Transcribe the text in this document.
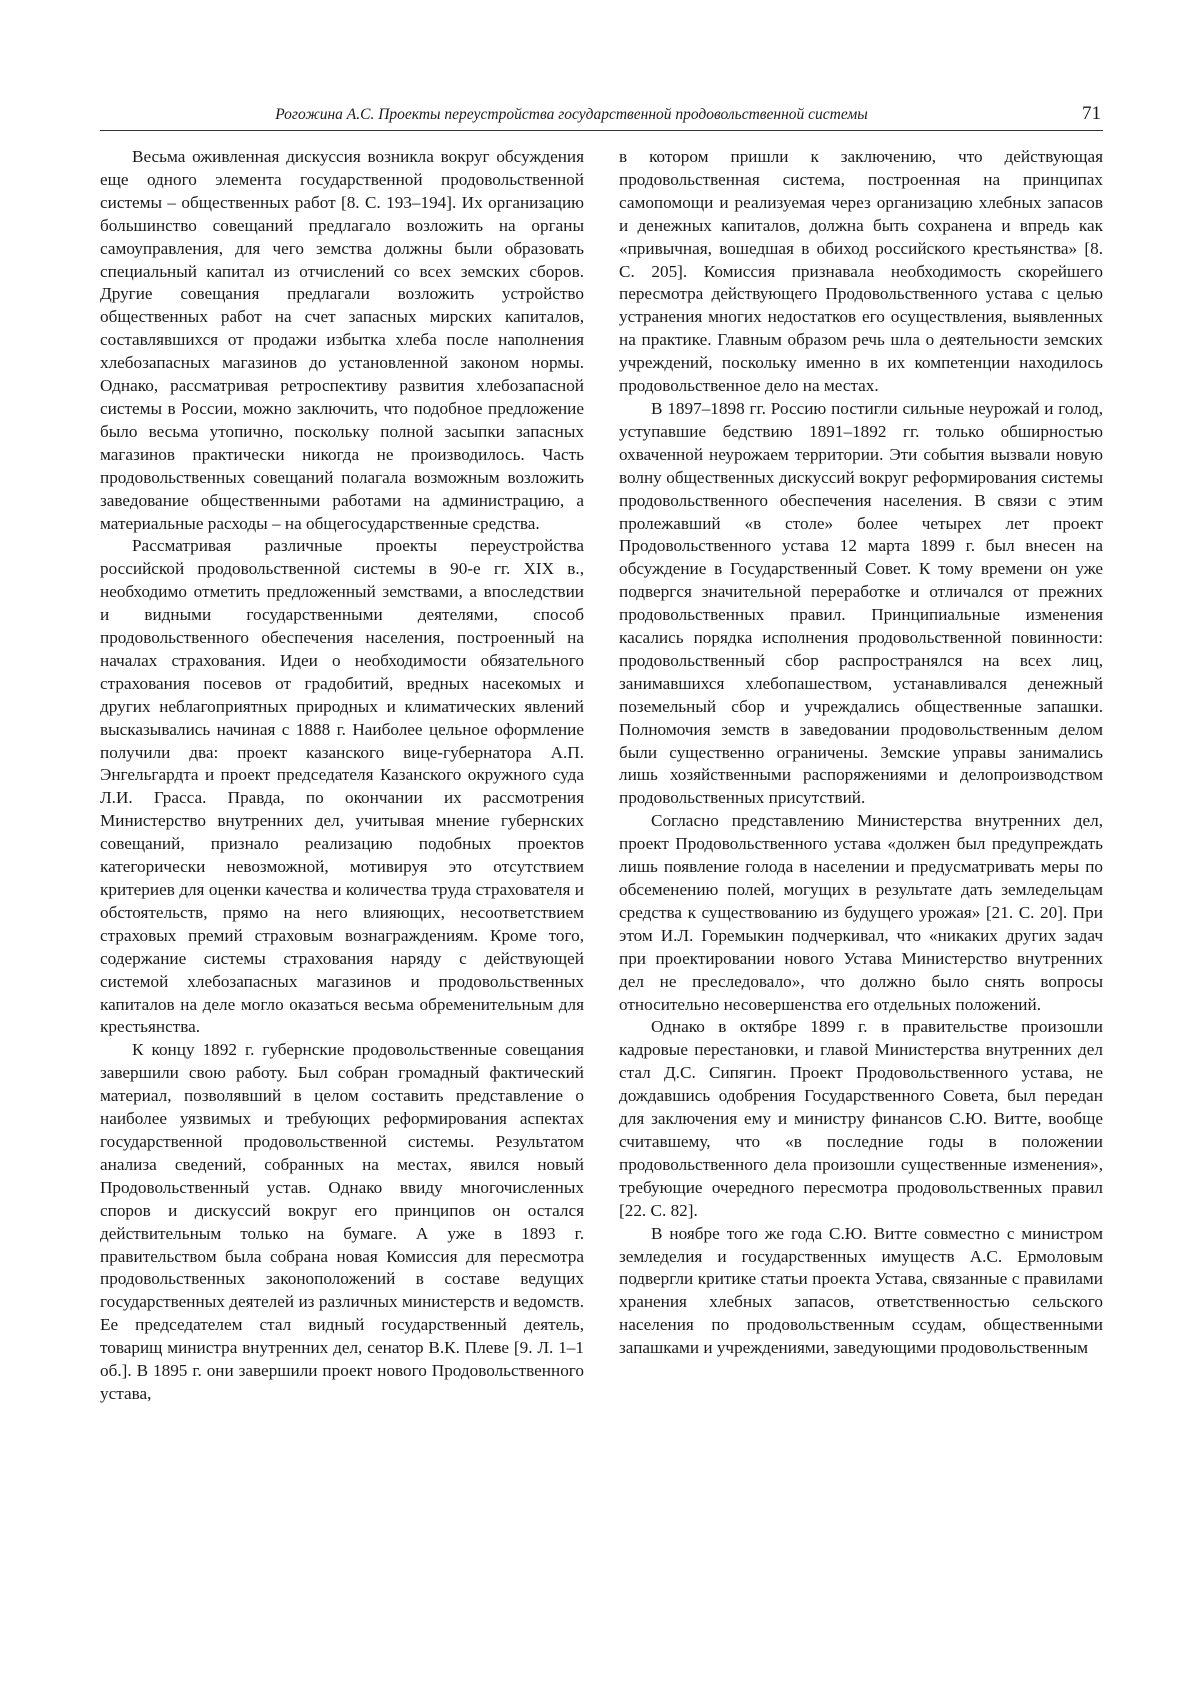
Рогожина А.С. Проекты переустройства государственной продовольственной системы	71

Весьма оживленная дискуссия возникла вокруг обсуждения еще одного элемента государственной продовольственной системы – общественных работ [8. С. 193–194]. Их организацию большинство совещаний предлагало возложить на органы самоуправления, для чего земства должны были образовать специальный капитал из отчислений со всех земских сборов. Другие совещания предлагали возложить устройство общественных работ на счет запасных мирских капиталов, составлявшихся от продажи избытка хлеба после наполнения хлебозапасных магазинов до установленной законом нормы. Однако, рассматривая ретроспективу развития хлебозапасной системы в России, можно заключить, что подобное предложение было весьма утопично, поскольку полной засыпки запасных магазинов практически никогда не производилось. Часть продовольственных совещаний полагала возможным возложить заведование общественными работами на администрацию, а материальные расходы – на общегосударственные средства.

Рассматривая различные проекты переустройства российской продовольственной системы в 90-е гг. XIX в., необходимо отметить предложенный земствами, а впоследствии и видными государственными деятелями, способ продовольственного обеспечения населения, построенный на началах страхования. Идеи о необходимости обязательного страхования посевов от градобитий, вредных насекомых и других неблагоприятных природных и климатических явлений высказывались начиная с 1888 г. Наиболее цельное оформление получили два: проект казанского вице-губернатора А.П. Энгельгардта и проект председателя Казанского окружного суда Л.И. Грасса. Правда, по окончании их рассмотрения Министерство внутренних дел, учитывая мнение губернских совещаний, признало реализацию подобных проектов категорически невозможной, мотивируя это отсутствием критериев для оценки качества и количества труда страхователя и обстоятельств, прямо на него влияющих, несоответствием страховых премий страховым вознаграждениям. Кроме того, содержание системы страхования наряду с действующей системой хлебозапасных магазинов и продовольственных капиталов на деле могло оказаться весьма обременительным для крестьянства.

К концу 1892 г. губернские продовольственные совещания завершили свою работу. Был собран громадный фактический материал, позволявший в целом составить представление о наиболее уязвимых и требующих реформирования аспектах государственной продовольственной системы. Результатом анализа сведений, собранных на местах, явился новый Продовольственный устав. Однако ввиду многочисленных споров и дискуссий вокруг его принципов он остался действительным только на бумаге. А уже в 1893 г. правительством была собрана новая Комиссия для пересмотра продовольственных законоположений в составе ведущих государственных деятелей из различных министерств и ведомств. Ее председателем стал видный государственный деятель, товарищ министра внутренних дел, сенатор В.К. Плеве [9. Л. 1–1 об.]. В 1895 г. они завершили проект нового Продовольственного устава,

в котором пришли к заключению, что действующая продовольственная система, построенная на принципах самопомощи и реализуемая через организацию хлебных запасов и денежных капиталов, должна быть сохранена и впредь как «привычная, вошедшая в обиход российского крестьянства» [8. С. 205]. Комиссия признавала необходимость скорейшего пересмотра действующего Продовольственного устава с целью устранения многих недостатков его осуществления, выявленных на практике. Главным образом речь шла о деятельности земских учреждений, поскольку именно в их компетенции находилось продовольственное дело на местах.

В 1897–1898 гг. Россию постигли сильные неурожай и голод, уступавшие бедствию 1891–1892 гг. только обширностью охваченной неурожаем территории. Эти события вызвали новую волну общественных дискуссий вокруг реформирования системы продовольственного обеспечения населения. В связи с этим пролежавший «в столе» более четырех лет проект Продовольственного устава 12 марта 1899 г. был внесен на обсуждение в Государственный Совет. К тому времени он уже подвергся значительной переработке и отличался от прежних продовольственных правил. Принципиальные изменения касались порядка исполнения продовольственной повинности: продовольственный сбор распространялся на всех лиц, занимавшихся хлебопашеством, устанавливался денежный поземельный сбор и учреждались общественные запашки. Полномочия земств в заведовании продовольственным делом были существенно ограничены. Земские управы занимались лишь хозяйственными распоряжениями и делопроизводством продовольственных присутствий.

Согласно представлению Министерства внутренних дел, проект Продовольственного устава «должен был предупреждать лишь появление голода в населении и предусматривать меры по обсеменению полей, могущих в результате дать земледельцам средства к существованию из будущего урожая» [21. С. 20]. При этом И.Л. Горемыкин подчеркивал, что «никаких других задач при проектировании нового Устава Министерство внутренних дел не преследовало», что должно было снять вопросы относительно несовершенства его отдельных положений.

Однако в октябре 1899 г. в правительстве произошли кадровые перестановки, и главой Министерства внутренних дел стал Д.С. Сипягин. Проект Продовольственного устава, не дождавшись одобрения Государственного Совета, был передан для заключения ему и министру финансов С.Ю. Витте, вообще считавшему, что «в последние годы в положении продовольственного дела произошли существенные изменения», требующие очередного пересмотра продовольственных правил [22. С. 82].

В ноябре того же года С.Ю. Витте совместно с министром земледелия и государственных имуществ А.С. Ермоловым подвергли критике статьи проекта Устава, связанные с правилами хранения хлебных запасов, ответственностью сельского населения по продовольственным ссудам, общественными запашками и учреждениями, заведующими продовольственным
